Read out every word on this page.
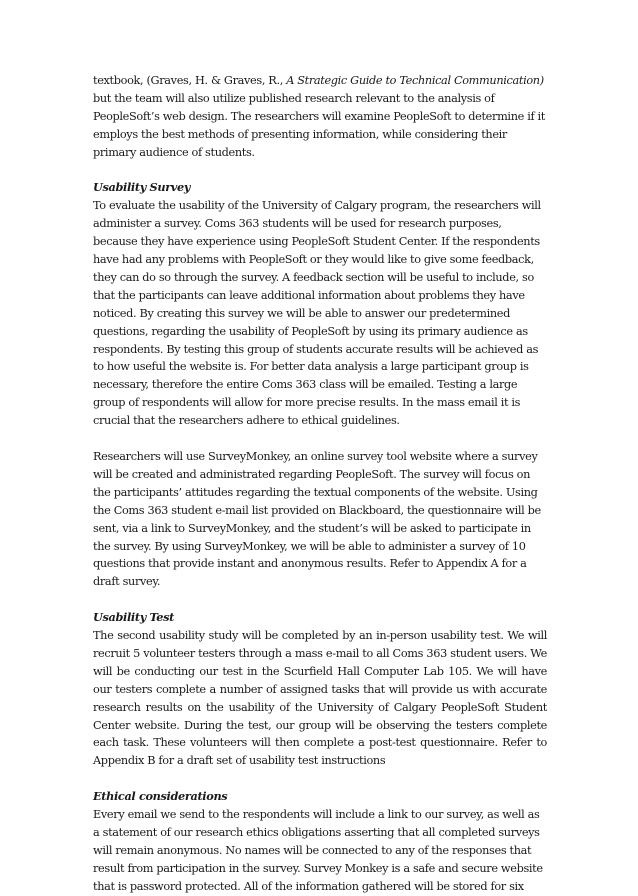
textbook, (Graves, H. & Graves, R., A Strategic Guide to Technical Communication) but the team will also utilize published research relevant to the analysis of PeopleSoft’s web design. The researchers will examine PeopleSoft to determine if it employs the best methods of presenting information, while considering their primary audience of students.

Usability Survey

To evaluate the usability of the University of Calgary program, the researchers will administer a survey. Coms 363 students will be used for research purposes, because they have experience using PeopleSoft Student Center. If the respondents have had any problems with PeopleSoft or they would like to give some feedback, they can do so through the survey. A feedback section will be useful to include, so that the participants can leave additional information about problems they have noticed. By creating this survey we will be able to answer our predetermined questions, regarding the usability of PeopleSoft by using its primary audience as respondents. By testing this group of students accurate results will be achieved as to how useful the website is. For better data analysis a large participant group is necessary, therefore the entire Coms 363 class will be emailed. Testing a large group of respondents will allow for more precise results. In the mass email it is crucial that the researchers adhere to ethical guidelines.

Researchers will use SurveyMonkey, an online survey tool website where a survey will be created and administrated regarding PeopleSoft. The survey will focus on the participants’ attitudes regarding the textual components of the website. Using the Coms 363 student e-mail list provided on Blackboard, the questionnaire will be sent, via a link to SurveyMonkey, and the student’s will be asked to participate in the survey. By using SurveyMonkey, we will be able to administer a survey of 10 questions that provide instant and anonymous results. Refer to Appendix A for a draft survey.

Usability Test

The second usability study will be completed by an in-person usability test. We will recruit 5 volunteer testers through a mass e-mail to all Coms 363 student users. We will be conducting our test in the Scurfield Hall Computer Lab 105. We will have our testers complete a number of assigned tasks that will provide us with accurate research results on the usability of the University of Calgary PeopleSoft Student Center website. During the test, our group will be observing the testers complete each task. These volunteers will then complete a post-test questionnaire. Refer to Appendix B for a draft set of usability test instructions

Ethical considerations

Every email we send to the respondents will include a link to our survey, as well as a statement of our research ethics obligations asserting that all completed surveys will remain anonymous. No names will be connected to any of the responses that result from participation in the survey. Survey Monkey is a safe and secure website that is password protected. All of the information gathered will be stored for six
